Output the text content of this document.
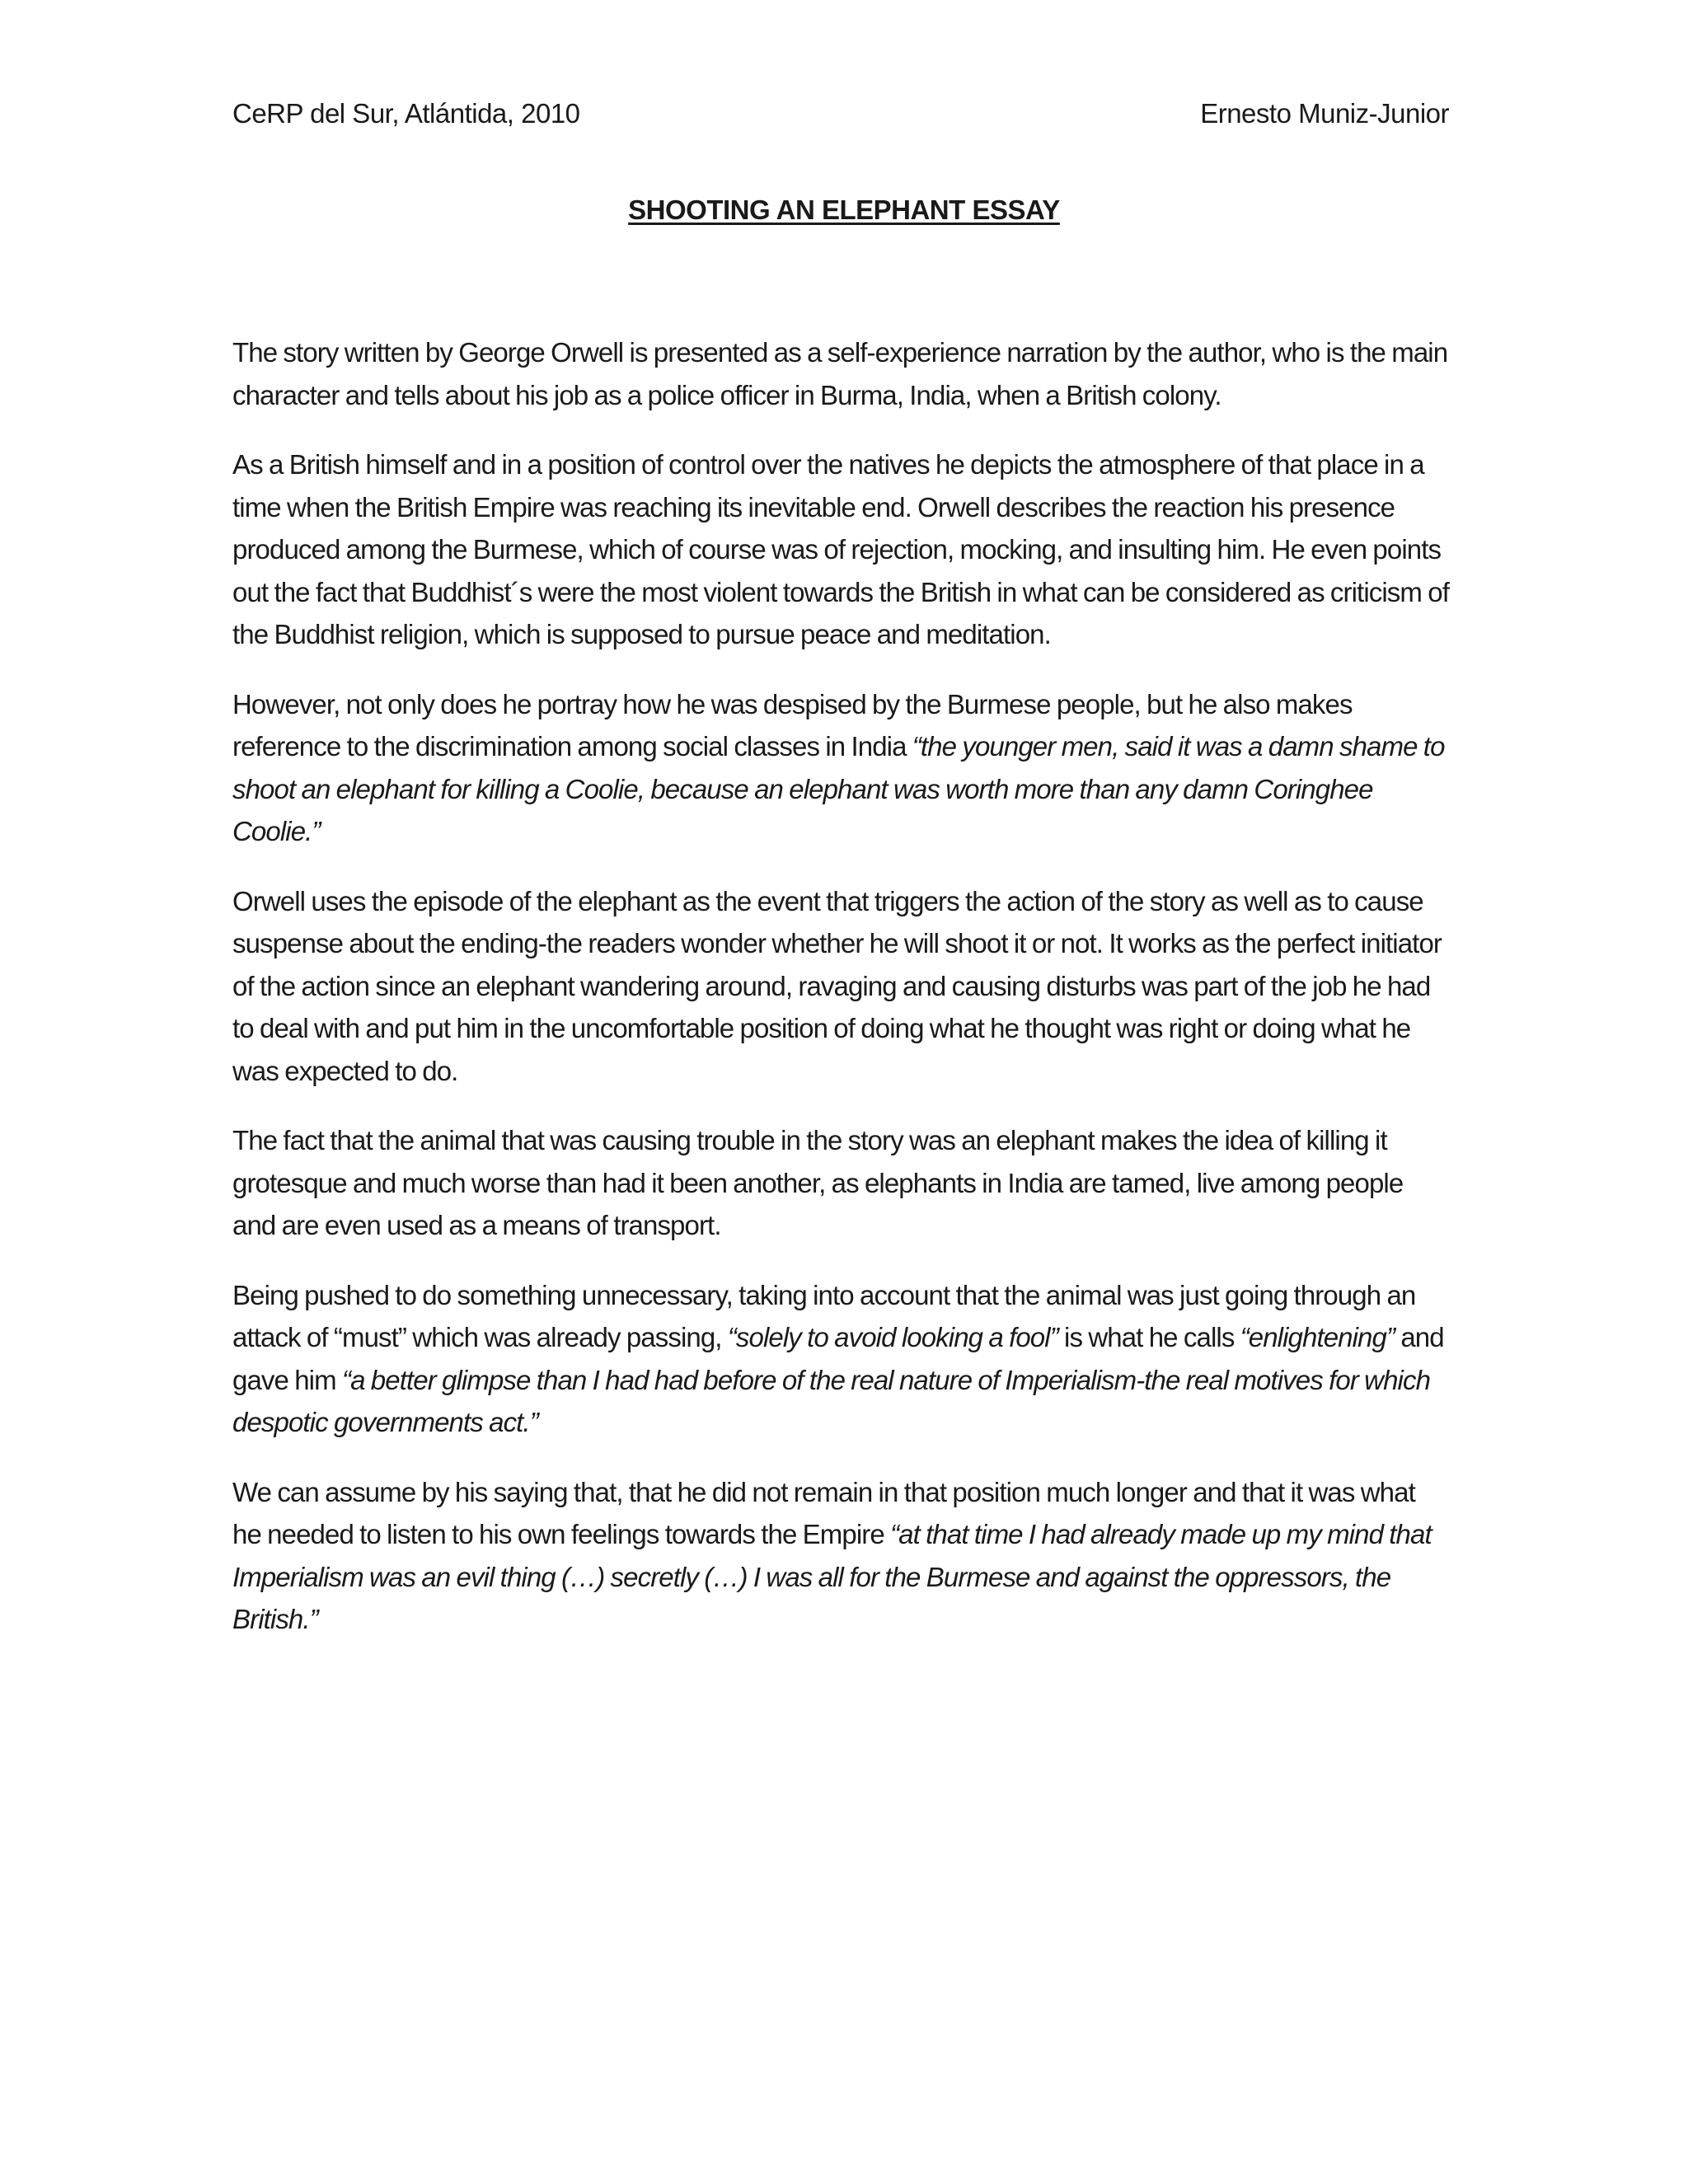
CeRP del Sur, Atlántida, 2010	Ernesto Muniz-Junior
SHOOTING AN ELEPHANT ESSAY

The story written by George Orwell is presented as a self-experience narration by the author, who is the main character and tells about his job as a police officer in Burma, India, when a British colony.

As a British himself and in a position of control over the natives he depicts the atmosphere of that place in a time when the British Empire was reaching its inevitable end. Orwell describes the reaction his presence produced among the Burmese, which of course was of rejection, mocking, and insulting him. He even points out the fact that Buddhist´s were the most violent towards the British in what can be considered as criticism of the Buddhist religion, which is supposed to pursue peace and meditation.

However, not only does he portray how he was despised by the Burmese people, but he also makes reference to the discrimination among social classes in India “the younger men, said it was a damn shame to shoot an elephant for killing a Coolie, because an elephant was worth more than any damn Coringhee Coolie.”

Orwell uses the episode of the elephant as the event that triggers the action of the story as well as to cause suspense about the ending-the readers wonder whether he will shoot it or not. It works as the perfect initiator of the action since an elephant wandering around, ravaging and causing disturbs was part of the job he had to deal with and put him in the uncomfortable position of doing what he thought was right or doing what he was expected to do.

The fact that the animal that was causing trouble in the story was an elephant makes the idea of killing it grotesque and much worse than had it been another, as elephants in India are tamed, live among people and are even used as a means of transport.

Being pushed to do something unnecessary, taking into account that the animal was just going through an attack of “must” which was already passing, “solely to avoid looking a fool” is what he calls “enlightening” and gave him “a better glimpse than I had had before of the real nature of Imperialism-the real motives for which despotic governments act.”

We can assume by his saying that, that he did not remain in that position much longer and that it was what he needed to listen to his own feelings towards the Empire “at that time I had already made up my mind that Imperialism was an evil thing (…) secretly (…) I was all for the Burmese and against the oppressors, the British.”
